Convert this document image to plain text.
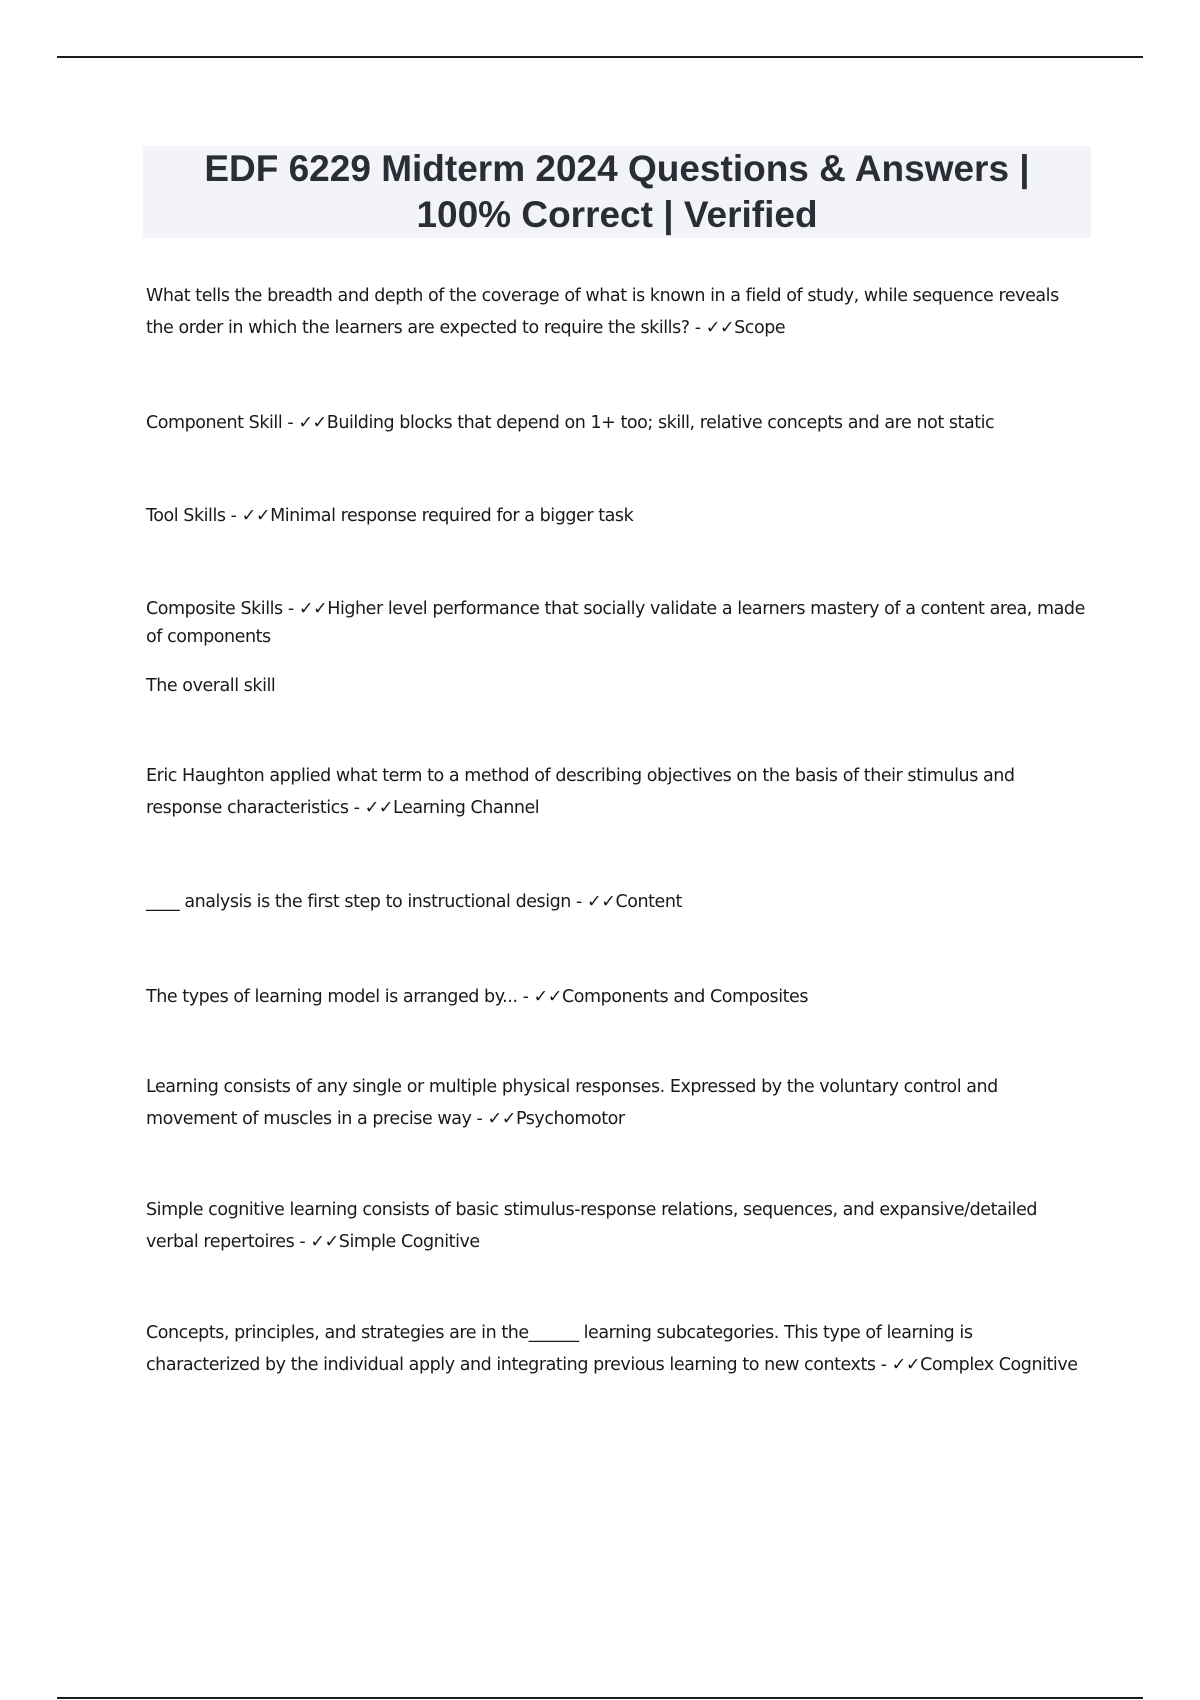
EDF 6229 Midterm 2024 Questions & Answers | 100% Correct | Verified

What tells the breadth and depth of the coverage of what is known in a field of study, while sequence reveals the order in which the learners are expected to require the skills? - ✓✓Scope

Component Skill - ✓✓Building blocks that depend on 1+ too; skill, relative concepts and are not static

Tool Skills - ✓✓Minimal response required for a bigger task

Composite Skills - ✓✓Higher level performance that socially validate a learners mastery of a content area, made of components

The overall skill

Eric Haughton applied what term to a method of describing objectives on the basis of their stimulus and response characteristics - ✓✓Learning Channel

____ analysis is the first step to instructional design - ✓✓Content

The types of learning model is arranged by... - ✓✓Components and Composites

Learning consists of any single or multiple physical responses. Expressed by the voluntary control and movement of muscles in a precise way - ✓✓Psychomotor

Simple cognitive learning consists of basic stimulus-response relations, sequences, and expansive/detailed verbal repertoires - ✓✓Simple Cognitive

Concepts, principles, and strategies are in the______ learning subcategories. This type of learning is characterized by the individual apply and integrating previous learning to new contexts - ✓✓Complex Cognitive
